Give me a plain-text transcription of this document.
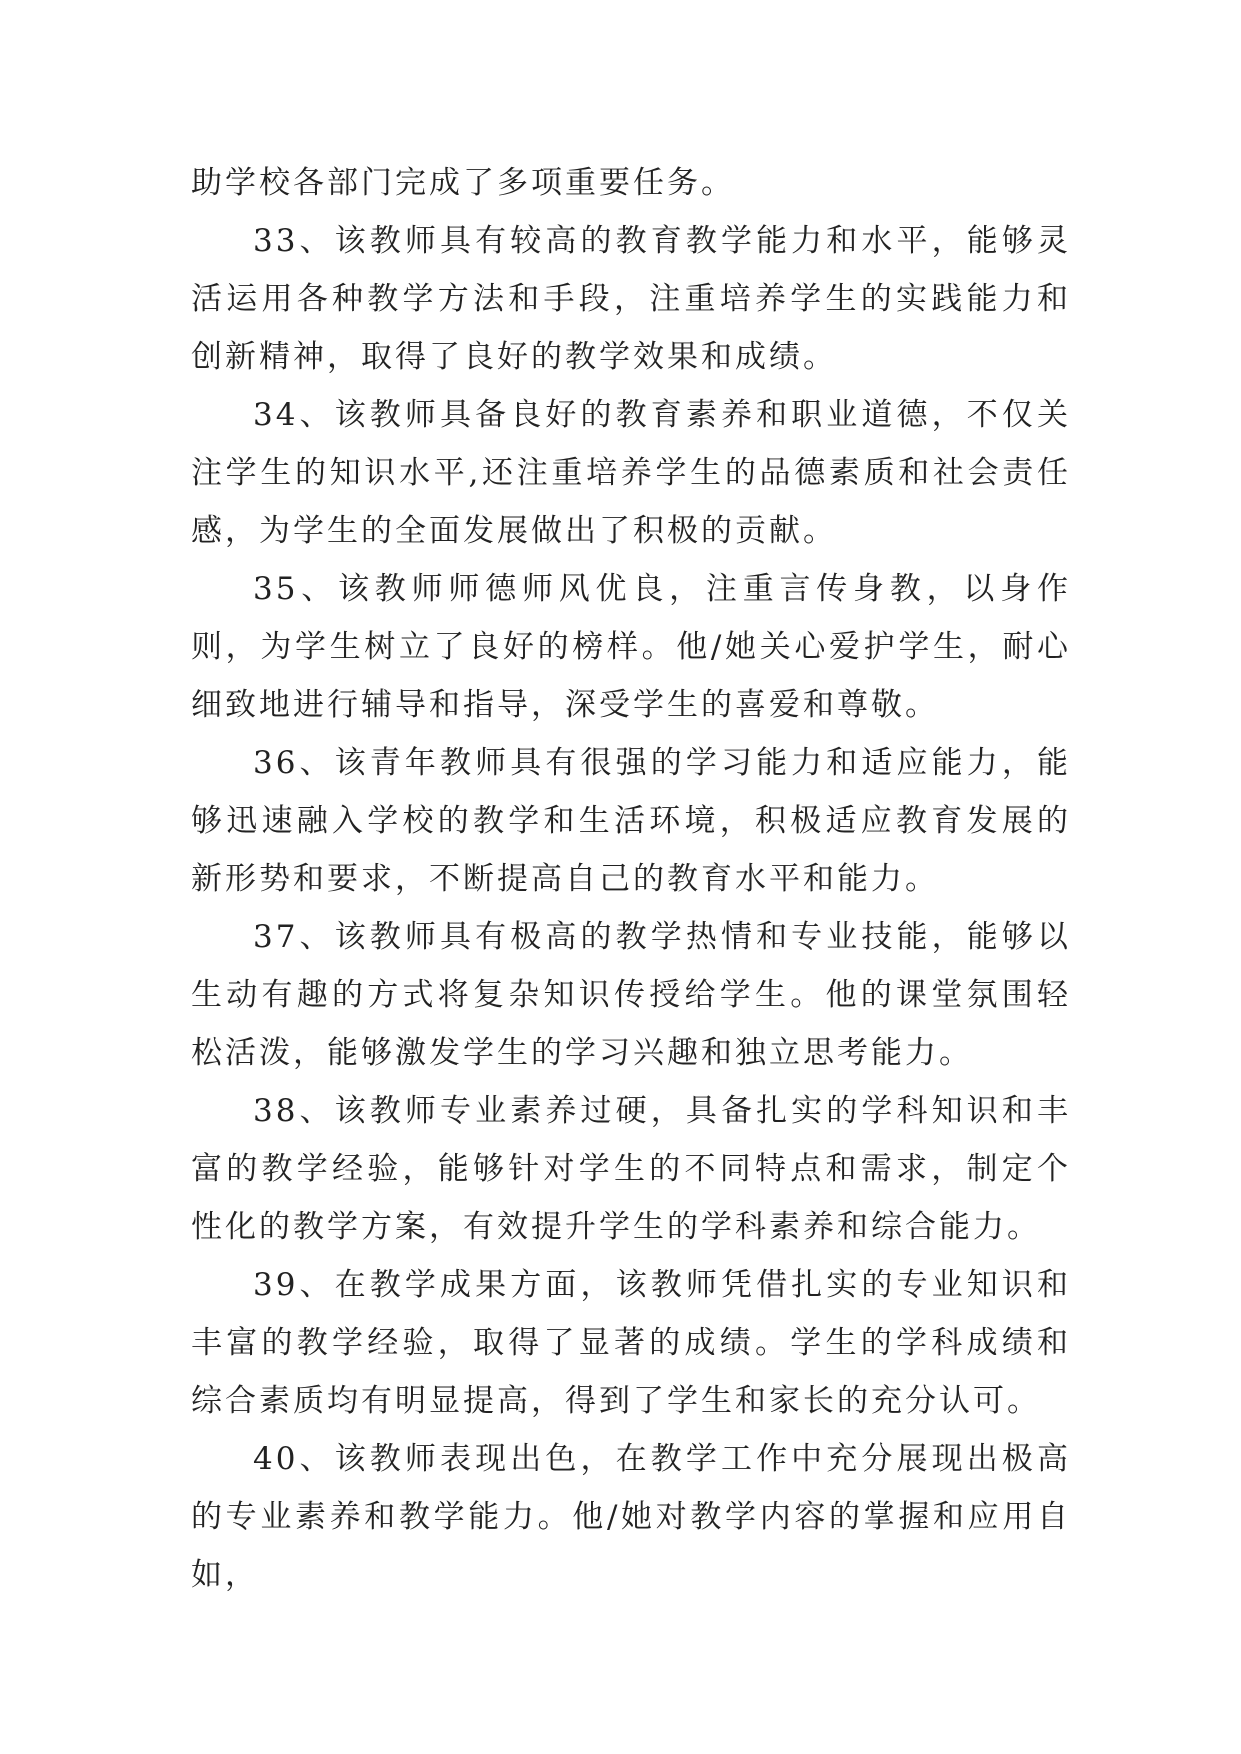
助学校各部门完成了多项重要任务。

33、该教师具有较高的教育教学能力和水平，能够灵活运用各种教学方法和手段，注重培养学生的实践能力和创新精神，取得了良好的教学效果和成绩。

34、该教师具备良好的教育素养和职业道德，不仅关注学生的知识水平,还注重培养学生的品德素质和社会责任感，为学生的全面发展做出了积极的贡献。

35、该教师师德师风优良，注重言传身教，以身作则，为学生树立了良好的榜样。他/她关心爱护学生，耐心细致地进行辅导和指导，深受学生的喜爱和尊敬。

36、该青年教师具有很强的学习能力和适应能力，能够迅速融入学校的教学和生活环境，积极适应教育发展的新形势和要求，不断提高自己的教育水平和能力。

37、该教师具有极高的教学热情和专业技能，能够以生动有趣的方式将复杂知识传授给学生。他的课堂氛围轻松活泼，能够激发学生的学习兴趣和独立思考能力。

38、该教师专业素养过硬，具备扎实的学科知识和丰富的教学经验，能够针对学生的不同特点和需求，制定个性化的教学方案，有效提升学生的学科素养和综合能力。

39、在教学成果方面，该教师凭借扎实的专业知识和丰富的教学经验，取得了显著的成绩。学生的学科成绩和综合素质均有明显提高，得到了学生和家长的充分认可。

40、该教师表现出色，在教学工作中充分展现出极高的专业素养和教学能力。他/她对教学内容的掌握和应用自如，
